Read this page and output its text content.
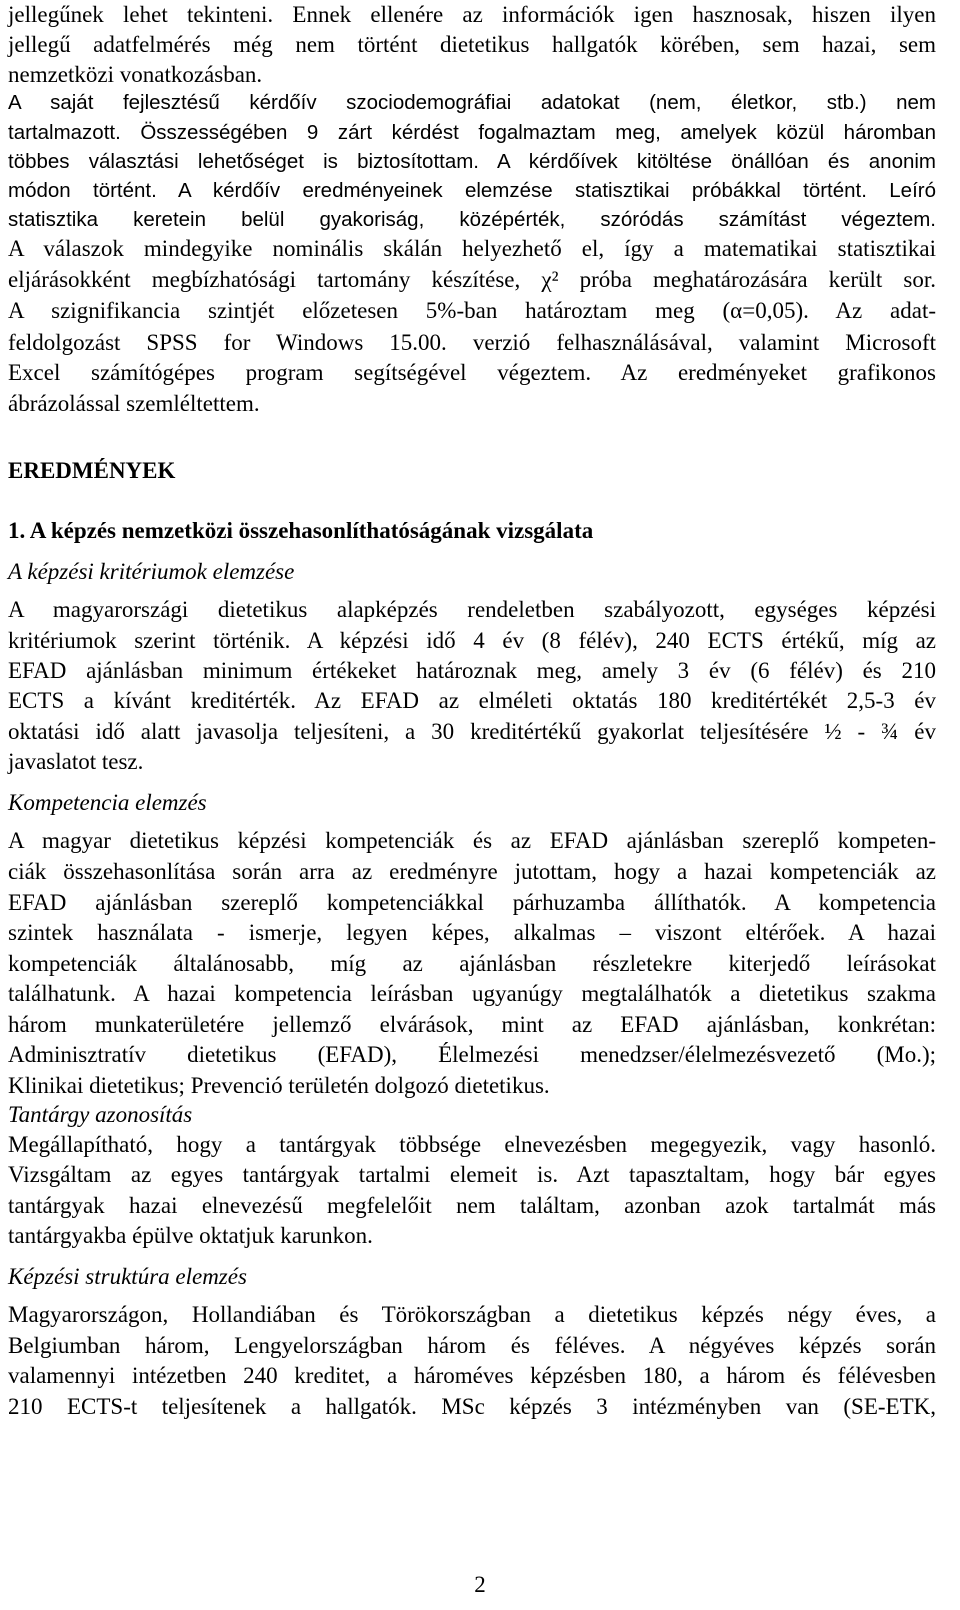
jellegűnek lehet tekinteni. Ennek ellenére az információk igen hasznosak, hiszen ilyen
jellegű adatfelmérés még nem történt dietetikus hallgatók körében, sem hazai, sem
nemzetközi vonatkozásban.
A saját fejlesztésű kérdőív szociodemográfiai adatokat (nem, életkor, stb.) nem
tartalmazott. Összességében 9 zárt kérdést fogalmaztam meg, amelyek közül háromban
többes választási lehetőséget is biztosítottam. A kérdőívek kitöltése önállóan és anonim
módon történt. A kérdőív eredményeinek elemzése statisztikai próbákkal történt. Leíró
statisztika keretein belül gyakoriság, középérték, szóródás számítást végeztem.
A válaszok mindegyike nominális skálán helyezhető el, így a matematikai statisztikai
eljárásokként megbízhatósági tartomány készítése, χ² próba meghatározására került sor.
A szignifikancia szintjét előzetesen 5%-ban határoztam meg (α=0,05). Az adat-
feldolgozást SPSS for Windows 15.00. verzió felhasználásával, valamint Microsoft
Excel számítógépes program segítségével végeztem. Az eredményeket grafikonos
ábrázolással szemléltettem.
EREDMÉNYEK
1. A képzés nemzetközi összehasonlíthatóságának vizsgálata
A képzési kritériumok elemzése
A magyarországi dietetikus alapképzés rendeletben szabályozott, egységes képzési
kritériumok szerint történik. A képzési idő 4 év (8 félév), 240 ECTS értékű, míg az
EFAD ajánlásban minimum értékeket határoznak meg, amely 3 év (6 félév) és 210
ECTS a kívánt kreditérték. Az EFAD az elméleti oktatás 180 kreditértékét 2,5-3 év
oktatási idő alatt javasolja teljesíteni, a 30 kreditértékű gyakorlat teljesítésére ½ - ¾ év
javaslatot tesz.
Kompetencia elemzés
A magyar dietetikus képzési kompetenciák és az EFAD ajánlásban szereplő kompeten-
ciák összehasonlítása során arra az eredményre jutottam, hogy a hazai kompetenciák az
EFAD ajánlásban szereplő kompetenciákkal párhuzamba állíthatók. A kompetencia
szintek használata - ismerje, legyen képes, alkalmas – viszont eltérőek. A hazai
kompetenciák általánosabb, míg az ajánlásban részletekre kiterjedő leírásokat
találhatunk. A hazai kompetencia leírásban ugyanúgy megtalálhatók a dietetikus szakma
három munkaterületére jellemző elvárások, mint az EFAD ajánlásban, konkrétan:
Adminisztratív dietetikus (EFAD), Élelmezési menedzser/élelmezésvezető (Mo.);
Klinikai dietetikus; Prevenció területén dolgozó dietetikus.
Tantárgy azonosítás
Megállapítható, hogy a tantárgyak többsége elnevezésben megegyezik, vagy hasonló.
Vizsgáltam az egyes tantárgyak tartalmi elemeit is. Azt tapasztaltam, hogy bár egyes
tantárgyak hazai elnevezésű megfelelőit nem találtam, azonban azok tartalmát más
tantárgyakba épülve oktatjuk karunkon.
Képzési struktúra elemzés
Magyarországon, Hollandiában és Törökországban a dietetikus képzés négy éves, a
Belgiumban három, Lengyelországban három és féléves. A négyéves képzés során
valamennyi intézetben 240 kreditet, a hároméves képzésben 180, a három és félévesben
210 ECTS-t teljesítenek a hallgatók. MSc képzés 3 intézményben van (SE-ETK,
2
